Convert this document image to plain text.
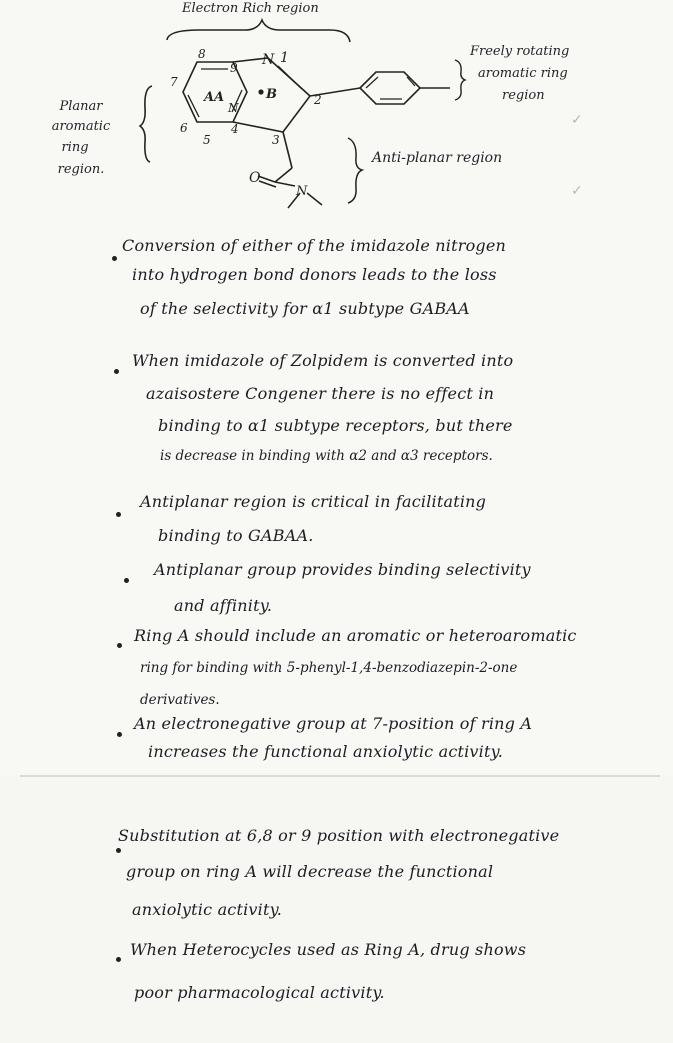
✓
✓
Electron Rich region
Planar
aromatic
ring
region.
Freely rotating
aromatic ring
region
Anti-planar region
N 1
N
4
5
6
7
8
9
2
3
O
N
A A	B
Conversion of either of the imidazole nitrogen
into hydrogen bond donors leads to the loss
of the selectivity for α1 subtype GABAA
When imidazole of Zolpidem is converted into
azaisostere Congener there is no effect in
binding to α1 subtype receptors, but there
is decrease in binding with α2 and α3 receptors.
Antiplanar region is critical in facilitating
binding to GABAA.
Antiplanar group provides binding selectivity
and affinity.
Ring A should include an aromatic or heteroaromatic
ring for binding with 5-phenyl-1,4-benzodiazepin-2-one
derivatives.
An electronegative group at 7-position of ring A
increases the functional anxiolytic activity.
Substitution at 6,8 or 9 position with electronegative
group on ring A will decrease the functional
anxiolytic activity.
When Heterocycles used as Ring A, drug shows
poor pharmacological activity.
